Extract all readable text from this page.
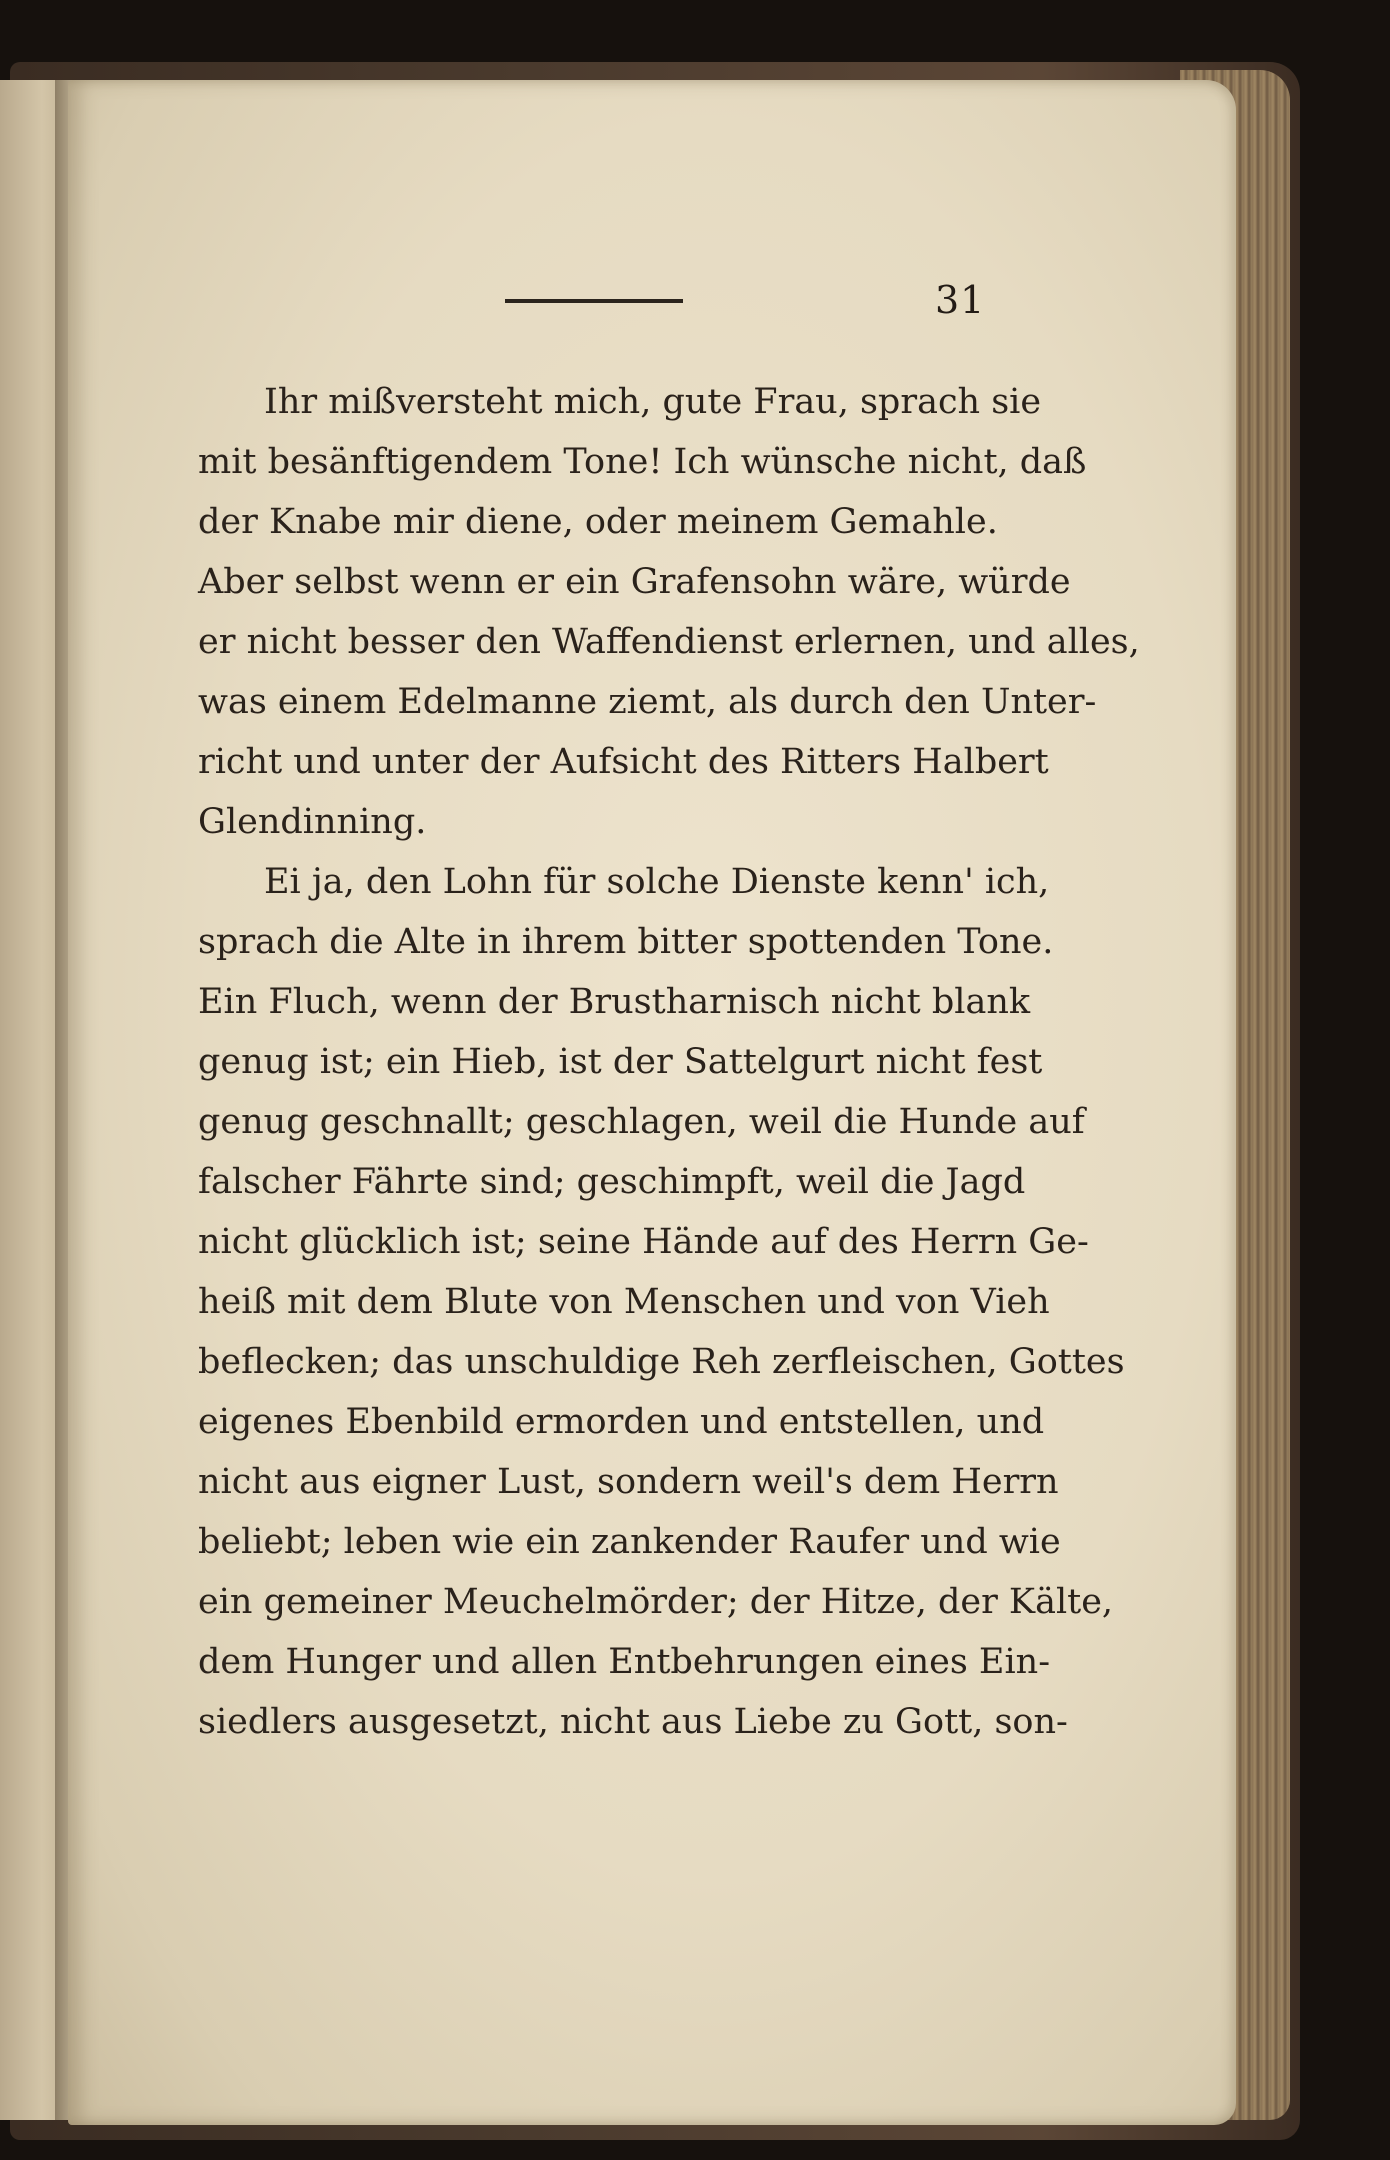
31

Ihr mißversteht mich, gute Frau, sprach sie
mit besänftigendem Tone! Ich wünsche nicht, daß
der Knabe mir diene, oder meinem Gemahle.
Aber selbst wenn er ein Grafensohn wäre, würde
er nicht besser den Waffendienst erlernen, und alles,
was einem Edelmanne ziemt, als durch den Unter-
richt und unter der Aufsicht des Ritters Halbert
Glendinning.
Ei ja, den Lohn für solche Dienste kenn' ich,
sprach die Alte in ihrem bitter spottenden Tone.
Ein Fluch, wenn der Brustharnisch nicht blank
genug ist; ein Hieb, ist der Sattelgurt nicht fest
genug geschnallt; geschlagen, weil die Hunde auf
falscher Fährte sind; geschimpft, weil die Jagd
nicht glücklich ist; seine Hände auf des Herrn Ge-
heiß mit dem Blute von Menschen und von Vieh
beflecken; das unschuldige Reh zerfleischen, Gottes
eigenes Ebenbild ermorden und entstellen, und
nicht aus eigner Lust, sondern weil's dem Herrn
beliebt; leben wie ein zankender Raufer und wie
ein gemeiner Meuchelmörder; der Hitze, der Kälte,
dem Hunger und allen Entbehrungen eines Ein-
siedlers ausgesetzt, nicht aus Liebe zu Gott, son-
